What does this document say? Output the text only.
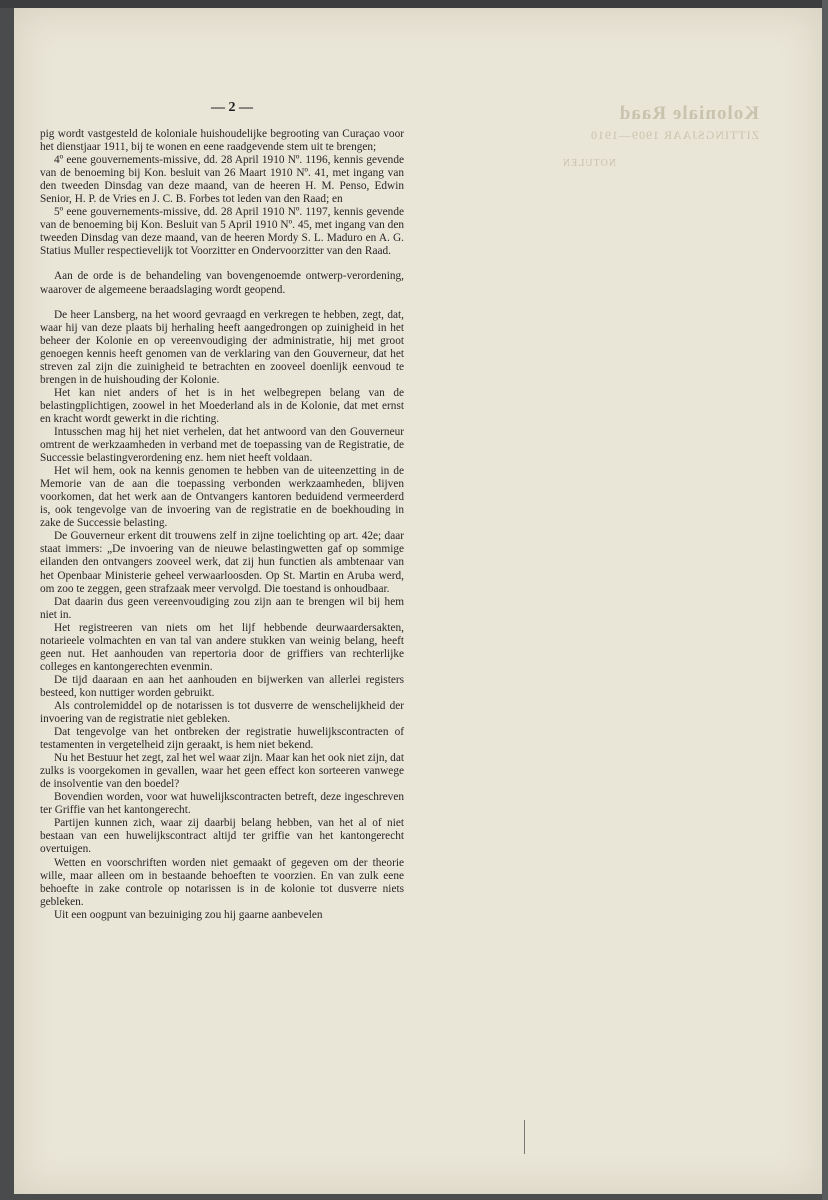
Koloniale Raad
ZITTINGSJAAR 1909—1910
NOTULEN
— 2 —

pig wordt vastgesteld de koloniale huishoudelijke begrooting van Curaçao voor het dienstjaar 1911, bij te wonen en eene raadgevende stem uit te brengen;

4º eene gouvernements-missive, dd. 28 April 1910 Nº. 1196, kennis gevende van de benoeming bij Kon. besluit van 26 Maart 1910 Nº. 41, met ingang van den tweeden Dinsdag van deze maand, van de heeren H. M. Penso, Edwin Senior, H. P. de Vries en J. C. B. Forbes tot leden van den Raad; en

5º eene gouvernements-missive, dd. 28 April 1910 Nº. 1197, kennis gevende van de benoeming bij Kon. Besluit van 5 April 1910 Nº. 45, met ingang van den tweeden Dinsdag van deze maand, van de heeren Mordy S. L. Maduro en A. G. Statius Muller respectievelijk tot Voorzitter en Ondervoorzitter van den Raad.

Aan de orde is de behandeling van bovengenoemde ontwerp-verordening, waarover de algemeene beraadslaging wordt geopend.

De heer Lansberg, na het woord gevraagd en verkregen te hebben, zegt, dat, waar hij van deze plaats bij herhaling heeft aangedrongen op zuinigheid in het beheer der Kolonie en op vereenvoudiging der administratie, hij met groot genoegen kennis heeft genomen van de verklaring van den Gouverneur, dat het streven zal zijn die zuinigheid te betrachten en zooveel doenlijk eenvoud te brengen in de huishouding der Kolonie.

Het kan niet anders of het is in het welbegrepen belang van de belastingplichtigen, zoowel in het Moederland als in de Kolonie, dat met ernst en kracht wordt gewerkt in die richting.

Intusschen mag hij het niet verhelen, dat het antwoord van den Gouverneur omtrent de werkzaamheden in verband met de toepassing van de Registratie, de Successie belastingverordening enz. hem niet heeft voldaan.

Het wil hem, ook na kennis genomen te hebben van de uiteenzetting in de Memorie van de aan die toepassing verbonden werkzaamheden, blijven voorkomen, dat het werk aan de Ontvangers kantoren beduidend vermeerderd is, ook tengevolge van de invoering van de registratie en de boekhouding in zake de Successie belasting.

De Gouverneur erkent dit trouwens zelf in zijne toelichting op art. 42e; daar staat immers: „De invoering van de nieuwe belastingwetten gaf op sommige eilanden den ontvangers zooveel werk, dat zij hun functien als ambtenaar van het Openbaar Ministerie geheel verwaarloosden. Op St. Martin en Aruba werd, om zoo te zeggen, geen strafzaak meer vervolgd. Die toestand is onhoudbaar.

Dat daarin dus geen vereenvoudiging zou zijn aan te brengen wil bij hem niet in.

Het registreeren van niets om het lijf hebbende deurwaardersakten, notarieele volmachten en van tal van andere stukken van weinig belang, heeft geen nut. Het aanhouden van repertoria door de griffiers van rechterlijke colleges en kantongerechten evenmin.

De tijd daaraan en aan het aanhouden en bijwerken van allerlei registers besteed, kon nuttiger worden gebruikt.

Als controlemiddel op de notarissen is tot dusverre de wenschelijkheid der invoering van de registratie niet gebleken.

Dat tengevolge van het ontbreken der registratie huwelijkscontracten of testamenten in vergetelheid zijn geraakt, is hem niet bekend.

Nu het Bestuur het zegt, zal het wel waar zijn. Maar kan het ook niet zijn, dat zulks is voorgekomen in gevallen, waar het geen effect kon sorteeren vanwege de insolventie van den boedel?

Bovendien worden, voor wat huwelijkscontracten betreft, deze ingeschreven ter Griffie van het kantongerecht.

Partijen kunnen zich, waar zij daarbij belang hebben, van het al of niet bestaan van een huwelijkscontract altijd ter griffie van het kantongerecht overtuigen.

Wetten en voorschriften worden niet gemaakt of gegeven om der theorie wille, maar alleen om in bestaande behoeften te voorzien. En van zulk eene behoefte in zake controle op notarissen is in de kolonie tot dusverre niets gebleken.

Uit een oogpunt van bezuiniging zou hij gaarne aanbevelen
